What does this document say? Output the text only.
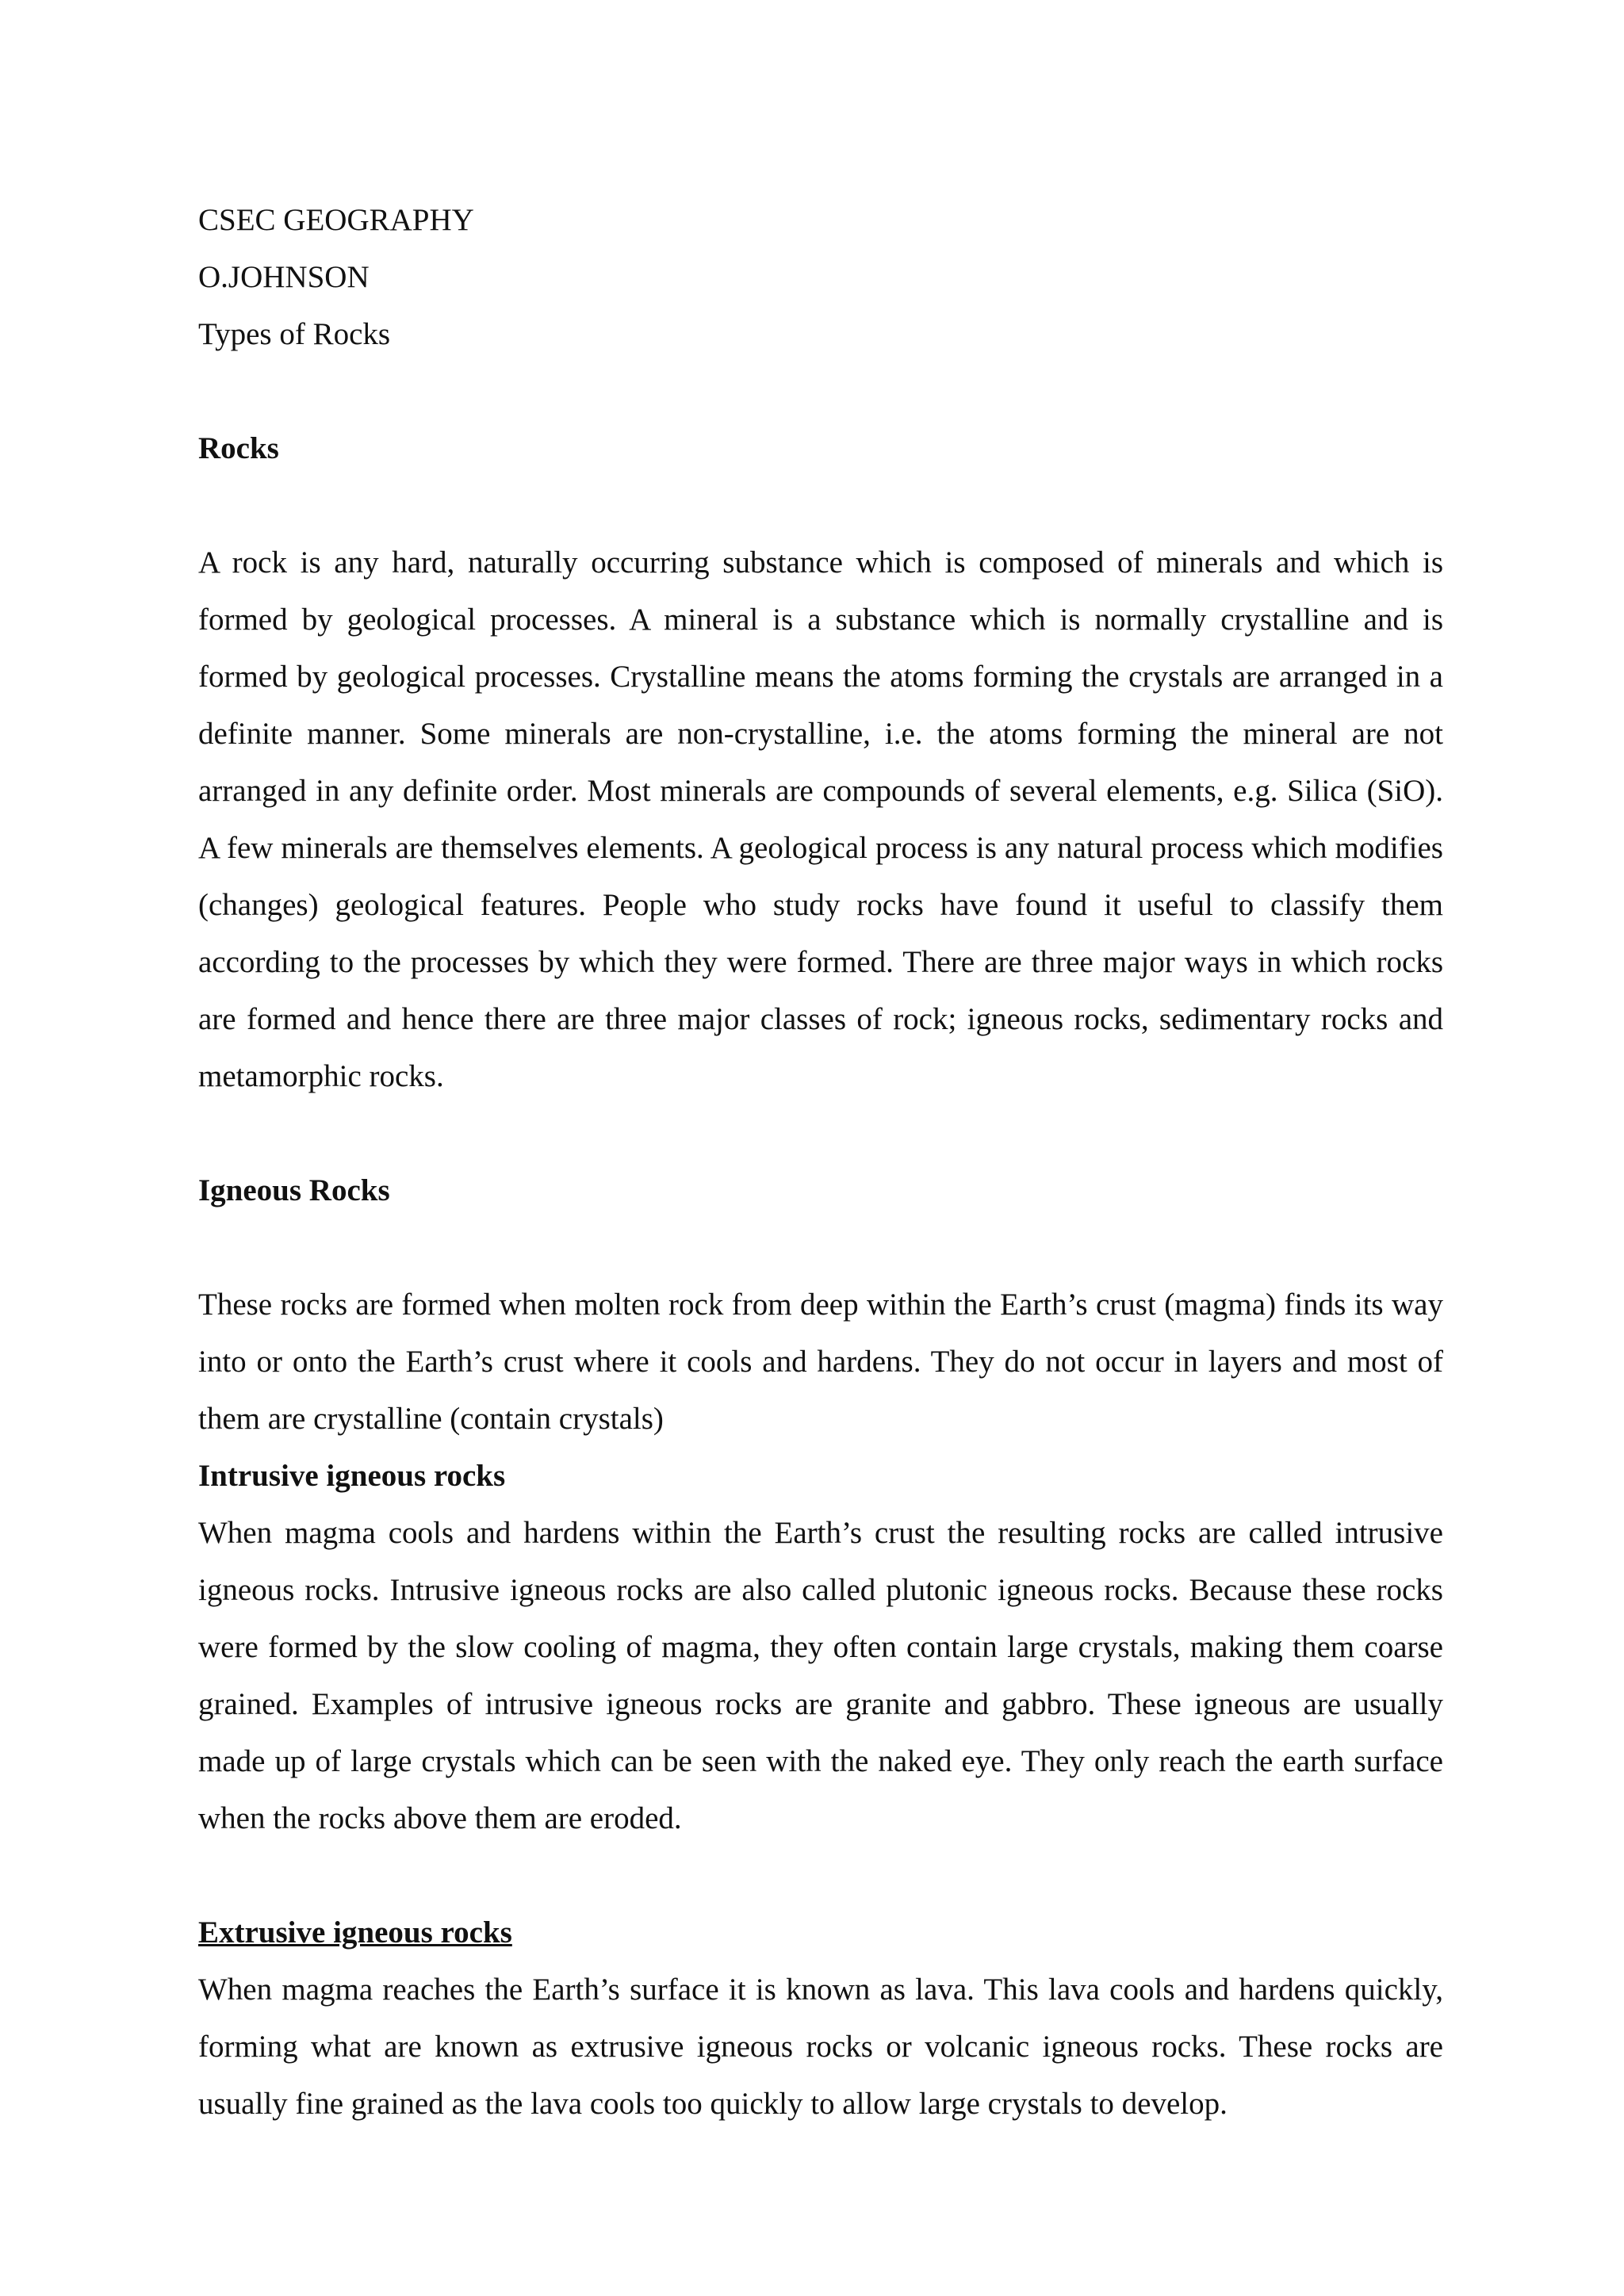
CSEC GEOGRAPHY

O.JOHNSON

Types of Rocks

Rocks

A rock is any hard, naturally occurring substance which is composed of minerals and which is formed by geological processes. A mineral is a substance which is normally crystalline and is formed by geological processes. Crystalline means the atoms forming the crystals are arranged in a definite manner. Some minerals are non-crystalline, i.e. the atoms forming the mineral are not arranged in any definite order. Most minerals are compounds of several elements, e.g. Silica (SiO). A few minerals are themselves elements. A geological process is any natural process which modifies (changes) geological features. People who study rocks have found it useful to classify them according to the processes by which they were formed. There are three major ways in which rocks are formed and hence there are three major classes of rock; igneous rocks, sedimentary rocks and metamorphic rocks.

Igneous Rocks

These rocks are formed when molten rock from deep within the Earth’s crust (magma) finds its way into or onto the Earth’s crust where it cools and hardens. They do not occur in layers and most of them are crystalline (contain crystals)

Intrusive igneous rocks

When magma cools and hardens within the Earth’s crust the resulting rocks are called intrusive igneous rocks. Intrusive igneous rocks are also called plutonic igneous rocks. Because these rocks were formed by the slow cooling of magma, they often contain large crystals, making them coarse grained. Examples of intrusive igneous rocks are granite and gabbro. These igneous are usually made up of large crystals which can be seen with the naked eye. They only reach the earth surface when the rocks above them are eroded.

Extrusive igneous rocks

When magma reaches the Earth’s surface it is known as lava. This lava cools and hardens quickly, forming what are known as extrusive igneous rocks or volcanic igneous rocks. These rocks are usually fine grained as the lava cools too quickly to allow large crystals to develop.
